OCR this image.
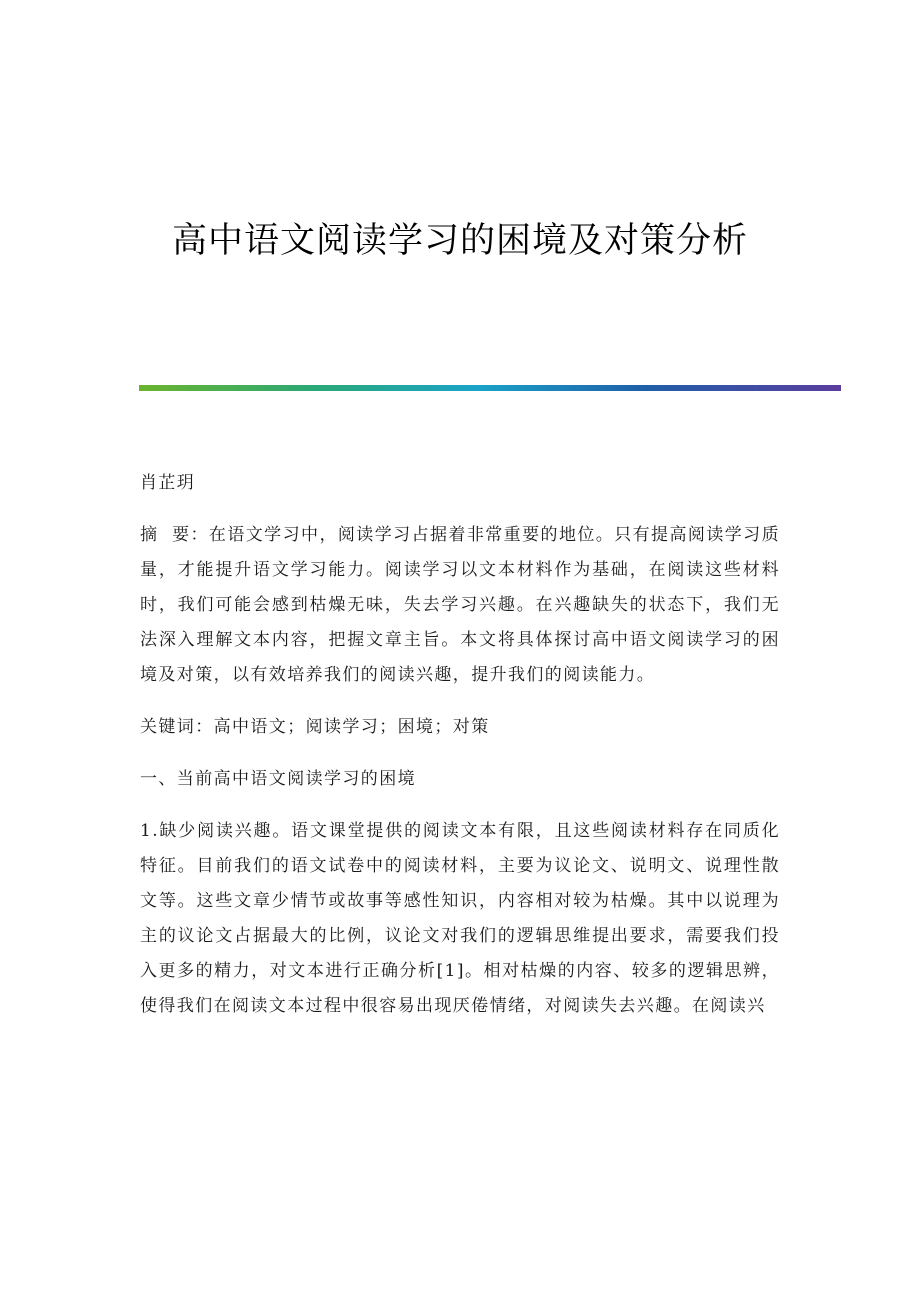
高中语文阅读学习的困境及对策分析

肖芷玥

摘  要：在语文学习中，阅读学习占据着非常重要的地位。只有提高阅读学习质量，才能提升语文学习能力。阅读学习以文本材料作为基础，在阅读这些材料时，我们可能会感到枯燥无味，失去学习兴趣。在兴趣缺失的状态下，我们无法深入理解文本内容，把握文章主旨。本文将具体探讨高中语文阅读学习的困境及对策，以有效培养我们的阅读兴趣，提升我们的阅读能力。

关键词：高中语文；阅读学习；困境；对策

一、当前高中语文阅读学习的困境

1.缺少阅读兴趣。语文课堂提供的阅读文本有限，且这些阅读材料存在同质化特征。目前我们的语文试卷中的阅读材料，主要为议论文、说明文、说理性散文等。这些文章少情节或故事等感性知识，内容相对较为枯燥。其中以说理为主的议论文占据最大的比例，议论文对我们的逻辑思维提出要求，需要我们投入更多的精力，对文本进行正确分析[1]。相对枯燥的内容、较多的逻辑思辨，使得我们在阅读文本过程中很容易出现厌倦情绪，对阅读失去兴趣。在阅读兴
